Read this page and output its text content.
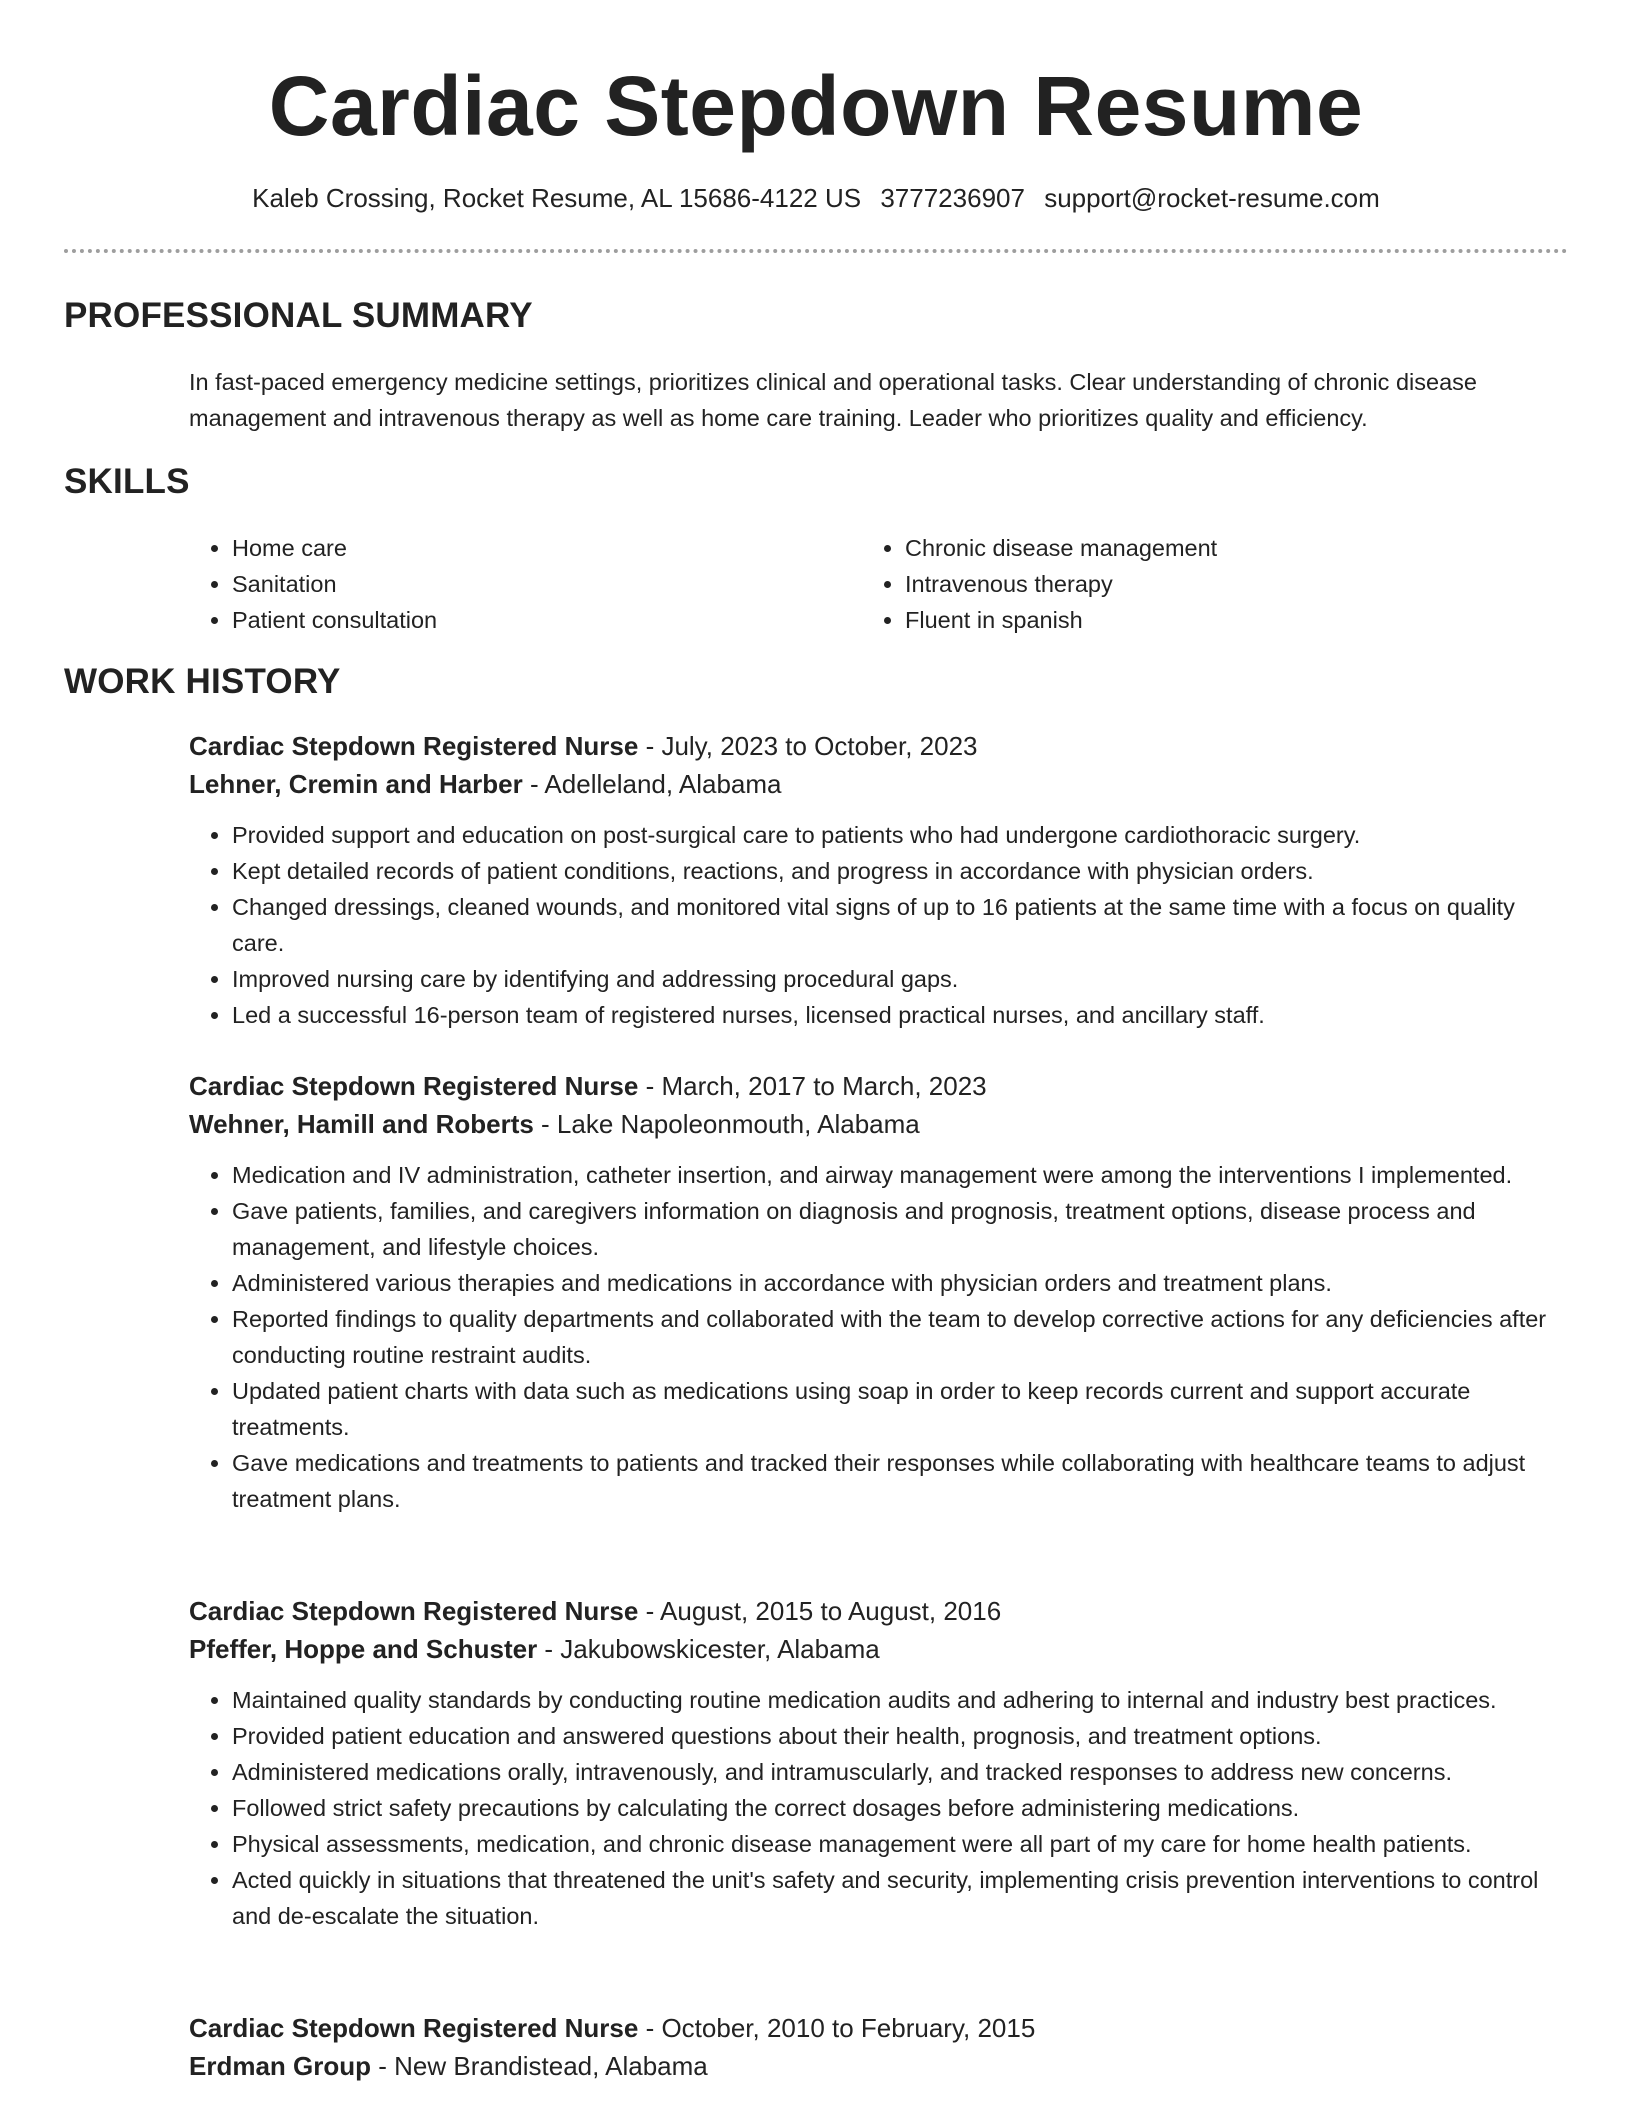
Cardiac Stepdown Resume
Kaleb Crossing, Rocket Resume, AL 15686-4122 US 3777236907 support@rocket-resume.com
PROFESSIONAL SUMMARY
In fast-paced emergency medicine settings, prioritizes clinical and operational tasks. Clear understanding of chronic disease management and intravenous therapy as well as home care training. Leader who prioritizes quality and efficiency.
SKILLS
• Home care
• Sanitation
• Patient consultation
• Chronic disease management
• Intravenous therapy
• Fluent in spanish
WORK HISTORY
Cardiac Stepdown Registered Nurse - July, 2023 to October, 2023
Lehner, Cremin and Harber - Adelleland, Alabama
• Provided support and education on post-surgical care to patients who had undergone cardiothoracic surgery.
• Kept detailed records of patient conditions, reactions, and progress in accordance with physician orders.
• Changed dressings, cleaned wounds, and monitored vital signs of up to 16 patients at the same time with a focus on quality care.
• Improved nursing care by identifying and addressing procedural gaps.
• Led a successful 16-person team of registered nurses, licensed practical nurses, and ancillary staff.
Cardiac Stepdown Registered Nurse - March, 2017 to March, 2023
Wehner, Hamill and Roberts - Lake Napoleonmouth, Alabama
• Medication and IV administration, catheter insertion, and airway management were among the interventions I implemented.
• Gave patients, families, and caregivers information on diagnosis and prognosis, treatment options, disease process and management, and lifestyle choices.
• Administered various therapies and medications in accordance with physician orders and treatment plans.
• Reported findings to quality departments and collaborated with the team to develop corrective actions for any deficiencies after conducting routine restraint audits.
• Updated patient charts with data such as medications using soap in order to keep records current and support accurate treatments.
• Gave medications and treatments to patients and tracked their responses while collaborating with healthcare teams to adjust treatment plans.
Cardiac Stepdown Registered Nurse - August, 2015 to August, 2016
Pfeffer, Hoppe and Schuster - Jakubowskicester, Alabama
• Maintained quality standards by conducting routine medication audits and adhering to internal and industry best practices.
• Provided patient education and answered questions about their health, prognosis, and treatment options.
• Administered medications orally, intravenously, and intramuscularly, and tracked responses to address new concerns.
• Followed strict safety precautions by calculating the correct dosages before administering medications.
• Physical assessments, medication, and chronic disease management were all part of my care for home health patients.
• Acted quickly in situations that threatened the unit's safety and security, implementing crisis prevention interventions to control and de-escalate the situation.
Cardiac Stepdown Registered Nurse - October, 2010 to February, 2015
Erdman Group - New Brandistead, Alabama
